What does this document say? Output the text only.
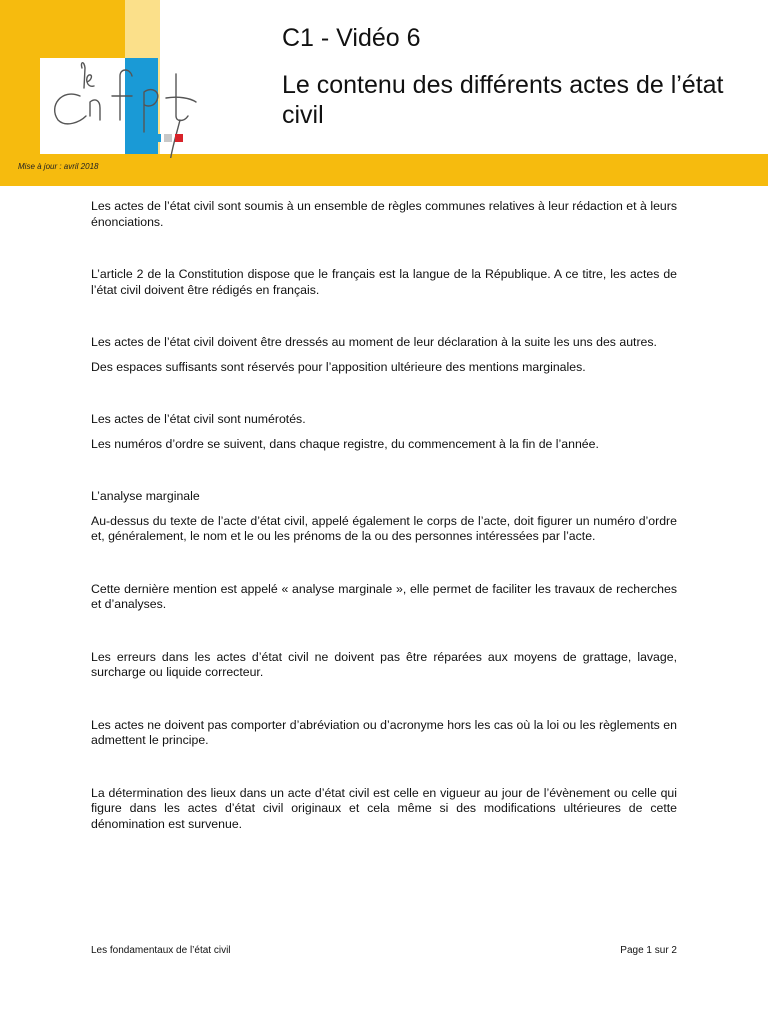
Mise à jour : avril 2018
C1 - Vidéo 6
Le contenu des différents actes de l’état civil

Les actes de l’état civil sont soumis à un ensemble de règles communes relatives à leur rédaction et à leurs énonciations.

L’article 2 de la Constitution dispose que le français est la langue de la République. A ce titre, les actes de l’état civil doivent être rédigés en français.

Les actes de l’état civil doivent être dressés au moment de leur déclaration à la suite les uns des autres.

Des espaces suffisants sont réservés pour l’apposition ultérieure des mentions marginales.

Les actes de l’état civil sont numérotés.

Les numéros d’ordre se suivent, dans chaque registre, du commencement à la fin de l’année.

L’analyse marginale

Au-dessus du texte de l’acte d’état civil, appelé également le corps de l’acte, doit figurer un numéro d’ordre et, généralement, le nom et le ou les prénoms de la ou des personnes intéressées par l’acte.

Cette dernière mention est appelé « analyse marginale », elle permet de faciliter les travaux de recherches et d’analyses.

Les erreurs dans les actes d’état civil ne doivent pas être réparées aux moyens de grattage, lavage, surcharge ou liquide correcteur.

Les actes ne doivent pas comporter d’abréviation ou d’acronyme hors les cas où la loi ou les règlements en admettent le principe.

La détermination des lieux dans un acte d’état civil est celle en vigueur au jour de l’évènement ou celle qui figure dans les actes d’état civil originaux et cela même si des modifications ultérieures de cette dénomination est survenue.

Les fondamentaux de l’état civil	Page 1 sur 2
